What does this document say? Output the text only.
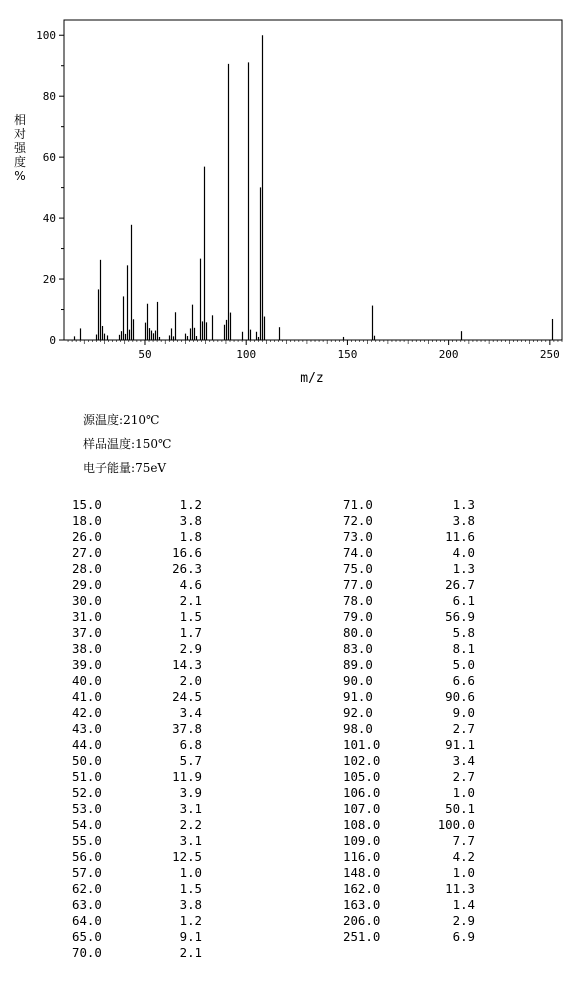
相
对
强
度
%
0
20
40
60
80
100
50	100	150	200	250
m/z
源温度:210℃
样品温度:150℃
电子能量:75eV
15.0	1.2
18.0	3.8
26.0	1.8
27.0	16.6
28.0	26.3
29.0	4.6
30.0	2.1
31.0	1.5
37.0	1.7
38.0	2.9
39.0	14.3
40.0	2.0
41.0	24.5
42.0	3.4
43.0	37.8
44.0	6.8
50.0	5.7
51.0	11.9
52.0	3.9
53.0	3.1
54.0	2.2
55.0	3.1
56.0	12.5
57.0	1.0
62.0	1.5
63.0	3.8
64.0	1.2
65.0	9.1
70.0	2.1
71.0	1.3
72.0	3.8
73.0	11.6
74.0	4.0
75.0	1.3
77.0	26.7
78.0	6.1
79.0	56.9
80.0	5.8
83.0	8.1
89.0	5.0
90.0	6.6
91.0	90.6
92.0	9.0
98.0	2.7
101.0	91.1
102.0	3.4
105.0	2.7
106.0	1.0
107.0	50.1
108.0	100.0
109.0	7.7
116.0	4.2
148.0	1.0
162.0	11.3
163.0	1.4
206.0	2.9
251.0	6.9
